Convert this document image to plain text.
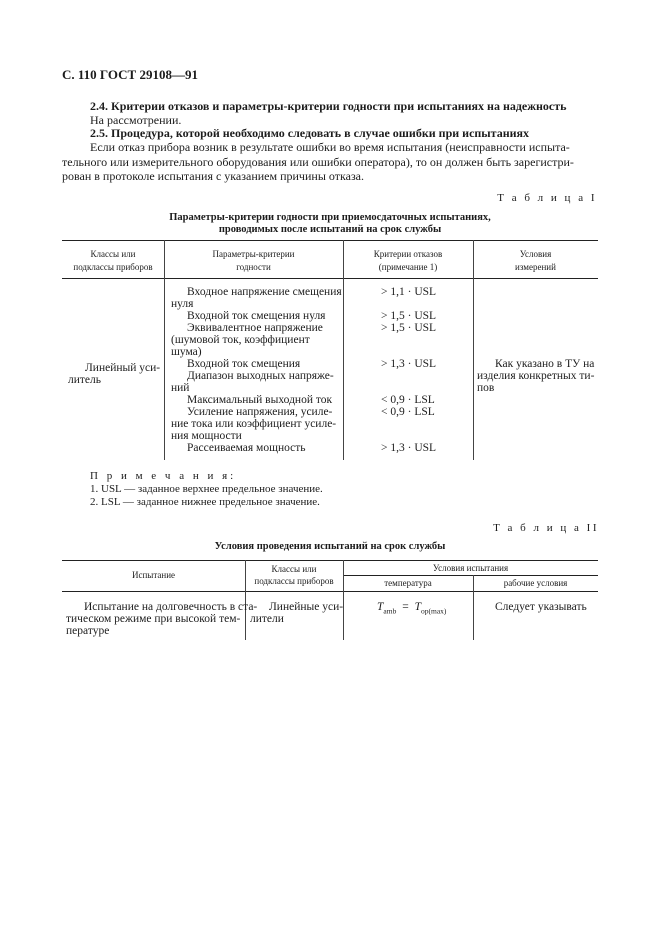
С. 110 ГОСТ 29108—91
2.4. Критерии отказов и параметры-критерии годности при испытаниях на надежность
На рассмотрении.
2.5. Процедура, которой необходимо следовать в случае ошибки при испытаниях
Если отказ прибора возник в результате ошибки во время испытания (неисправности испыта-
тельного или измерительного оборудования или ошибки оператора), то он должен быть зарегистри-
рован в протоколе испытания с указанием причины отказа.
Т а б л и ц а I
Параметры-критерии годности при приемосдаточных испытаниях,
проводимых после испытаний на срок службы
Классы или
подклассы приборов
Параметры-критерии
годности
Критерии отказов
(примечание 1)
Условия
измерений
Линейный уси-
литель
Входное напряжение смещения
нуля
Входной ток смещения нуля
Эквивалентное напряжение
(шумовой ток, коэффициент
шума)
Входной ток смещения
Диапазон выходных напряже-
ний
Максимальный выходной ток
Усиление напряжения, усиле-
ние тока или коэффициент усиле-
ния мощности
Рассеиваемая мощность
> 1,1 · USL
> 1,5 · USL
> 1,5 · USL
> 1,3 · USL
< 0,9 · LSL
< 0,9 · LSL
> 1,3 · USL
Как указано в ТУ на
изделия конкретных ти-
пов
П р и м е ч а н и я:
1. USL — заданное верхнее предельное значение.
2. LSL — заданное нижнее предельное значение.
Т а б л и ц а II
Условия проведения испытаний на срок службы
Испытание
Классы или
подклассы приборов
Условия испытания
температура	рабочие условия
Испытание на долговечность в ста-
тическом режиме при высокой тем-
пературе
Линейные уси-
лители
$T_{amb} = T_{op(max)}$	Следует указывать
